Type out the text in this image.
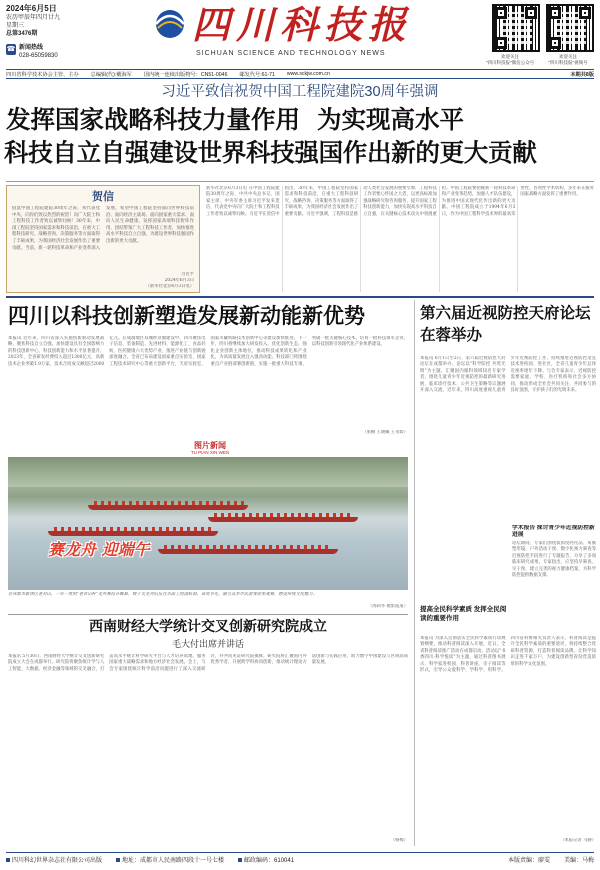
2024年6月5日
农历甲辰年四月廿九
星期三
总第3476期
☎ 新闻热线
028-65059830
四川科技报
SICHUAN SCIENCE AND TECHNOLOGY NEWS	欢迎关注
"四川科技报"微信公众号
欢迎关注
"四川科技报"视频号
四川省科学技术协会主管、主办 总编辑(代):戴海军 国内统一连续出版物号：CN51-0046 邮发代号:61-71 www.sckjw.com.cn	本期共8版
习近平致信祝贺中国工程院建院30周年强调
发挥国家战略科技力量作用  为实现高水平
科技自立自强建设世界科技强国作出新的更大贡献
贺信
值此中国工程院建院30周年之际，我代表党中央，向你们致以热烈的祝贺！向广大院士和工程科技工作者致以诚挚问候！30年来，中国工程院坚持国家需求和科技前沿，在重大工程科技研究、战略咨询、决策服务等方面取得了丰硕成果，为我国经济社会发展作出了重要贡献。当前，新一轮科技革命和产业变革深入发展，希望中国工程院坚持面向世界科技前沿、面向经济主战场、面向国家重大需求、面向人民生命健康，发挥国家高端科技智库作用，团结带领广大工程科技工作者，加快推进高水平科技自立自强，为建设世界科技强国作出新的更大贡献。
习近平
2024年6月3日
（新华社北京6月3日电）
新华社北京6月3日电 在中国工程院建院30周年之际，中共中央总书记、国家主席、中央军委主席习近平发来贺信，代表党中央向广大院士和工程科技工作者致以诚挚问候。习近平在贺信中指出，30年来，中国工程院坚持国家需求和科技前沿，在重大工程科技研究、战略咨询、决策服务等方面取得了丰硕成果，为我国经济社会发展作出了重要贡献。习近平强调，工程科技是推动人类社会发展的重要引擎，工程科技工作者要心怀国之大者，以更高标准加强战略研究和咨询服务，提升国家工程科技创新能力，加快实现高水平科技自立自强，在关键核心技术攻关中勇挑重担。中国工程院要把握新一轮科技革命和产业变革趋势，加强人才队伍建设，为推进中国式现代化作出新的更大贡献。中国工程院成立于1994年6月3日，作为中国工程科学技术界的最高荣誉性、咨询性学术机构，多年来在服务国家战略方面发挥了重要作用。
四川以科技创新塑造发展新动能新优势
本报讯 近年来，四川省深入实施创新驱动发展战略，聚焦科技自立自强，加快建设具有全国影响力的科技创新中心，科技创新能力和水平显著提升。2023年，全省研发经费投入超过1300亿元，高新技术企业突破1.9万家，技术合同成交额超过2000亿元。在成渝地区双城经济圈建设中，四川聚焦电子信息、装备制造、先进材料、能源化工、食品轻纺、医药健康六大优势产业，推进产业链与创新链深度融合。全省已布局建设国家重点实验室、国家工程技术研究中心等重大创新平台，天府实验室、国家川藏铁路技术创新中心等建设加快推进。下一步，四川将继续加大研发投入，优化创新生态，强化企业创新主体地位，推动科技成果转化和产业化，为高质量发展注入强劲动能。科技部门将围绕重点产业链部署创新链，实施一批重大科技专项，突破一批关键核心技术，培育一批科技领军企业，以科技创新引领现代化产业体系建设。
（张楠 王晓曦 王永姣）
图片新闻
TU PIAN XIN WEN
赛龙舟 迎端午
在成都市新津区老君山，一年一度的"老君山杯"龙舟赛拉开帷幕，数十支龙舟队伍在水面上劈波斩浪、奋勇争先，吸引众多市民游客前来观赛，感受传统文化魅力。
（汤莉华 摄影报道）
西南财经大学统计交叉创新研究院成立
毛大付出席并讲话
本报讯 5月30日，西南财经大学统计交叉创新研究院成立大会在成都举行。研究院将聚焦统计学与人工智能、大数据、经济金融等领域的交叉融合，打造高水平统计科学研究平台与人才培养高地，服务国家重大战略需求和地方经济社会发展。会上，与会专家围绕统计科学前沿问题进行了深入交流研讨，并共同见证研究院揭牌。研究院将汇聚国内外优秀学者，开展跨学科协同创新，推动统计理论方法创新与实践应用，助力数字中国建设与区域高质量发展。
（杨梅）
第六届近视防控天府论坛在蓉举办
本报讯 6月1日至2日，第六届近视防控天府论坛在成都举办。论坛以"科学防控 共筑光明"为主题，汇聚国内眼科领域知名专家学者，围绕儿童青少年近视防控的最新研究进展、临床诊疗技术、公共卫生策略等议题展开深入交流。近年来，四川高度重视儿童青少年近视防控工作，持续推进近视防控适宜技术进校园、进社区，全省儿童青少年总体近视率逐年下降。与会专家表示，近视防控需要家庭、学校、医疗机构和社会多方协同，推动形成全社会共同关注、共同参与的良好氛围，守护孩子们的光明未来。
学术报告 探讨青少年近视防控新进展
论坛期间，专家们围绕低浓度阿托品、角膜塑形镜、户外活动干预、数字化视力筛查等近视防控手段进行了专题报告，分享了多项临床研究成果。专家指出，应坚持早筛查、早干预，建立完善的视力健康档案，为科学防控提供数据支撑。
提高全民科学素质 发挥全民阅读的重要作用
本报讯 为深入贯彻落实全民科学素质行动规划纲要，推动科普阅读深入开展，近日，全省科普阅读推广活动在成都启动。活动以"书香四川·科学悦读"为主题，通过科普图书展示、科学家进校园、科普讲座、亲子阅读等形式，引导公众爱科学、学科学、用科学。四川省科协相关负责人表示，科普阅读是提升全民科学素质的重要途径，将持续整合优质科普资源，打造科普阅读品牌，让科学知识走进千家万户，为建设创新型省份营造浓厚的科学文化氛围。
（本报记者 马静）
四川科幻世界杂志社有限公司出版	地址：成都市人民南路四段十一号七楼	邮政编码：610041	本版责编：廖雯 美编：马梅
